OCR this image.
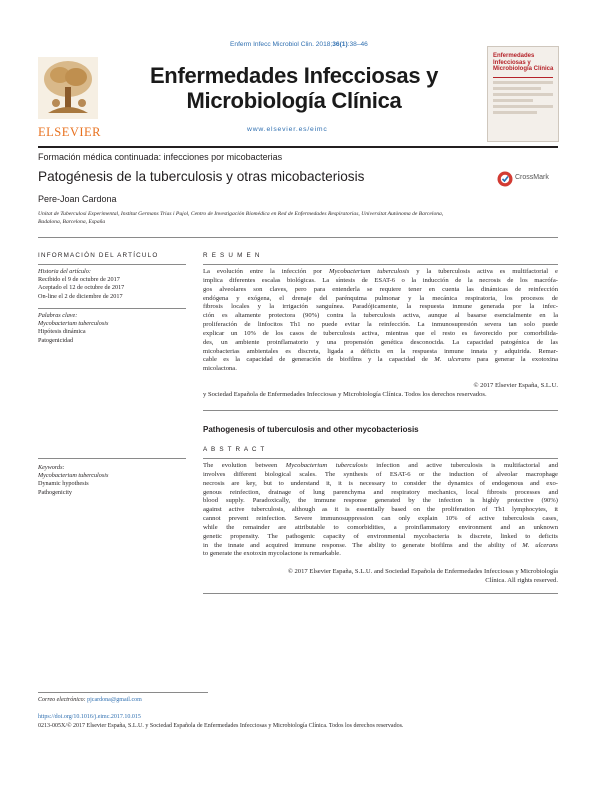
Enferm Infecc Microbiol Clin. 2018;36(1):38–46
ELSEVIER
Enfermedades Infecciosas y
Microbiología Clínica
www.elsevier.es/eimc
Enfermedades Infecciosas y Microbiología Clínica
Formación médica continuada: infecciones por micobacterias
Patogénesis de la tuberculosis y otras micobacteriosis	CrossMark
Pere-Joan Cardona
Unitat de Tuberculosi Experimental, Institut Germans Trias i Pujol, Centro de Investigación Biomédica en Red de Enfermedades Respiratorias, Universitat Autònoma de Barcelona,
Badalona, Barcelona, España
INFORMACIÓN DEL ARTÍCULO
Historia del artículo:
Recibido el 9 de octubre de 2017
Aceptado el 12 de octubre de 2017
On-line el 2 de diciembre de 2017
Palabras clave:
Mycobacterium tuberculosis
Hipótesis dinámica
Patogenicidad
Keywords:
Mycobacterium tuberculosis
Dynamic hypothesis
Pathogenicity
R E S U M E N
La evolución entre la infección por Mycobacterium tuberculosis y la tuberculosis activa es multifactorial e
implica diferentes escalas biológicas. La síntesis de ESAT-6 o la inducción de la necrosis de los macrófa-
gos alveolares son claves, pero para entenderla se requiere tener en cuenta las dinámicas de reinfección
endógena y exógena, el drenaje del parénquima pulmonar y la mecánica respiratoria, los procesos de
fibrosis locales y la irrigación sanguínea. Paradójicamente, la respuesta inmune generada por la infec-
ción es altamente protectora (90%) contra la tuberculosis activa, aunque al basarse esencialmente en la
proliferación de linfocitos Th1 no puede evitar la reinfección. La inmunosupresión severa tan solo puede
explicar un 10% de los casos de tuberculosis activa, mientras que el resto es favorecido por comorbilida-
des, un ambiente proinflamatorio y una propensión genética desconocida. La capacidad patogénica de las
micobacterias ambientales es discreta, ligada a déficits en la respuesta inmune innata y adquirida. Remar-
cable es la capacidad de generación de biofilms y la capacidad de M. ulcerans para generar la exotoxina
micolactona.
© 2017 Elsevier España, S.L.U.
y Sociedad Española de Enfermedades Infecciosas y Microbiología Clínica. Todos los derechos reservados.
Pathogenesis of tuberculosis and other mycobacteriosis
A B S T R A C T
The evolution between Mycobacterium tuberculosis infection and active tuberculosis is multifactorial and
involves different biological scales. The synthesis of ESAT-6 or the induction of alveolar macrophage
necrosis are key, but to understand it, it is necessary to consider the dynamics of endogenous and exo-
genous reinfection, drainage of lung parenchyma and respiratory mechanics, local fibrosis processes and
blood supply. Paradoxically, the immune response generated by the infection is highly protective (90%)
against active tuberculosis, although as it is essentially based on the proliferation of Th1 lymphocytes, it
cannot prevent reinfection. Severe immunosuppression can only explain 10% of active tuberculosis cases,
while the remainder are attributable to comorbidities, a proinflammatory environment and an unknown
genetic propensity. The pathogenic capacity of environmental mycobacteria is discrete, linked to deficits
in the innate and acquired immune response. The ability to generate biofilms and the ability of M. ulcerans
to generate the exotoxin mycolactone is remarkable.
© 2017 Elsevier España, S.L.U. and Sociedad Española de Enfermedades Infecciosas y Microbiología
Clínica. All rights reserved.
Correo electrónico: pjcardona@gmail.com
https://doi.org/10.1016/j.eimc.2017.10.015
0213-005X/© 2017 Elsevier España, S.L.U. y Sociedad Española de Enfermedades Infecciosas y Microbiología Clínica. Todos los derechos reservados.
